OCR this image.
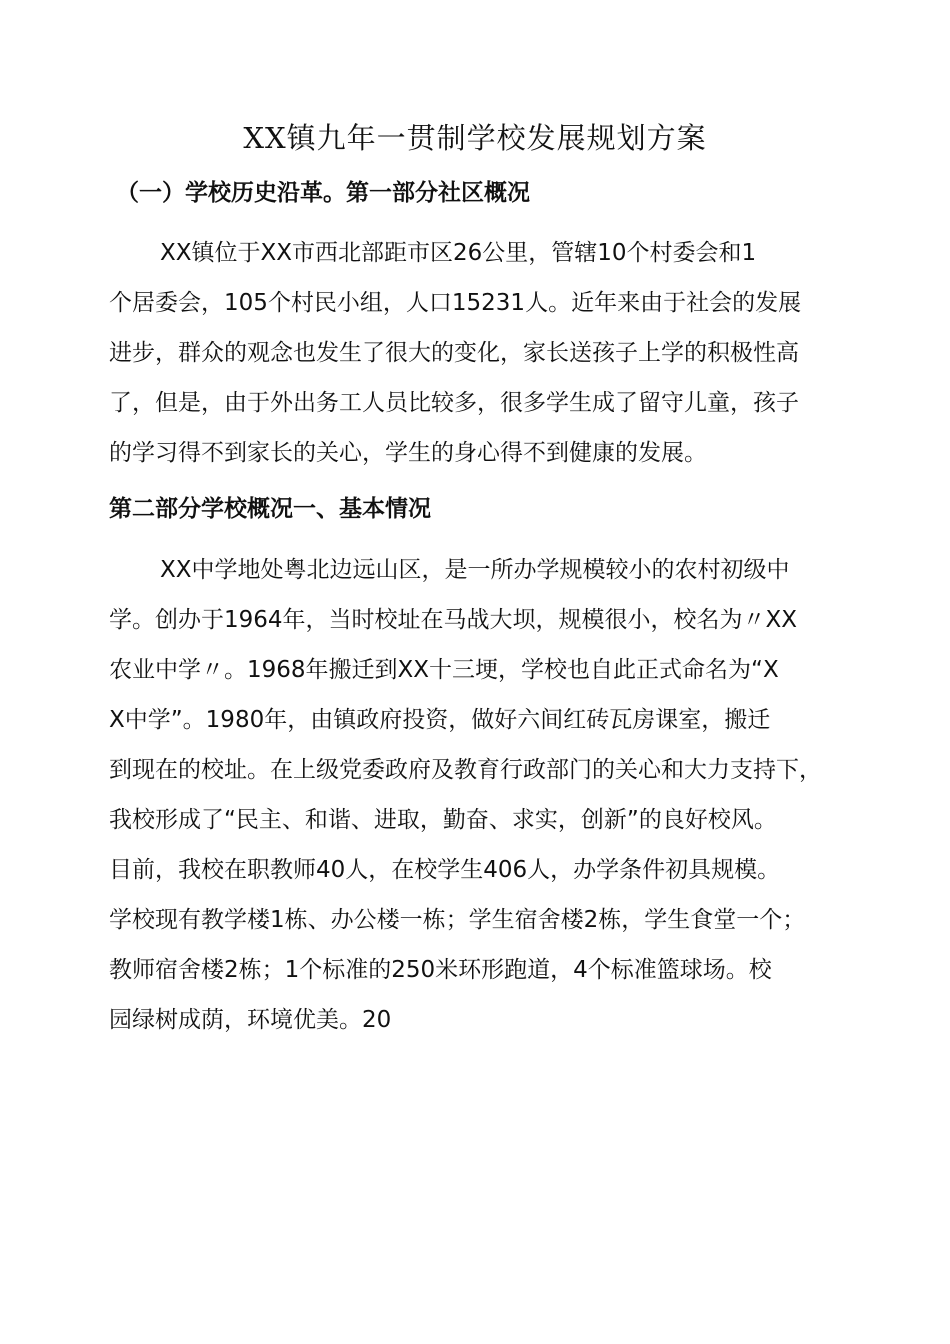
XX镇九年一贯制学校发展规划方案
（一）学校历史沿革。第一部分社区概况
XX镇位于XX市西北部距市区26公里，管辖10个村委会和1
个居委会，105个村民小组，人口15231人。近年来由于社会的发展
进步，群众的观念也发生了很大的变化，家长送孩子上学的积极性高
了，但是，由于外出务工人员比较多，很多学生成了留守儿童，孩子
的学习得不到家长的关心，学生的身心得不到健康的发展。
第二部分学校概况一、基本情况
XX中学地处粤北边远山区，是一所办学规模较小的农村初级中
学。创办于1964年，当时校址在马战大坝，规模很小，校名为〃XX
农业中学〃。1968年搬迁到XX十三埂，学校也自此正式命名为“X
X中学”。1980年，由镇政府投资，做好六间红砖瓦房课室，搬迁
到现在的校址。在上级党委政府及教育行政部门的关心和大力支持下，
我校形成了“民主、和谐、进取，勤奋、求实，创新”的良好校风。
目前，我校在职教师40人，在校学生406人，办学条件初具规模。
学校现有教学楼1栋、办公楼一栋；学生宿舍楼2栋，学生食堂一个；
教师宿舍楼2栋；1个标准的250米环形跑道，4个标准篮球场。校
园绿树成荫，环境优美。20
